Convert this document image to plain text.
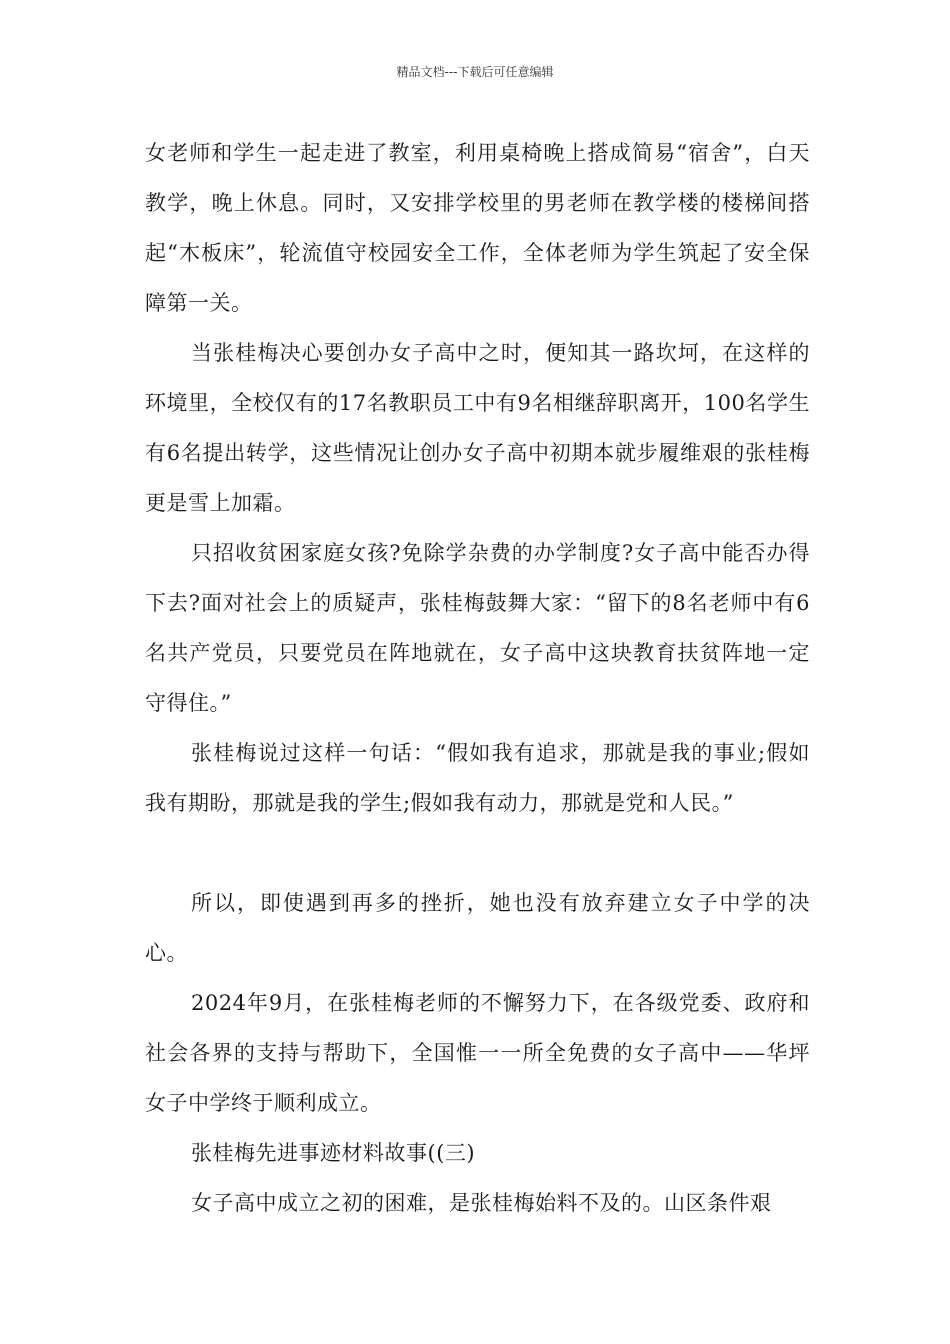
精品文档---下载后可任意编辑

女老师和学生一起走进了教室，利用桌椅晚上搭成简易“宿舍”，白天教学，晚上休息。同时，又安排学校里的男老师在教学楼的楼梯间搭起“木板床”，轮流值守校园安全工作，全体老师为学生筑起了安全保障第一关。

当张桂梅决心要创办女子高中之时，便知其一路坎坷，在这样的环境里，全校仅有的17名教职员工中有9名相继辞职离开，100名学生有6名提出转学，这些情况让创办女子高中初期本就步履维艰的张桂梅更是雪上加霜。

只招收贫困家庭女孩?免除学杂费的办学制度?女子高中能否办得下去?面对社会上的质疑声，张桂梅鼓舞大家：“留下的8名老师中有6名共产党员，只要党员在阵地就在，女子高中这块教育扶贫阵地一定守得住。”

张桂梅说过这样一句话：“假如我有追求，那就是我的事业;假如我有期盼，那就是我的学生;假如我有动力，那就是党和人民。”

所以，即使遇到再多的挫折，她也没有放弃建立女子中学的决心。

2024年9月，在张桂梅老师的不懈努力下，在各级党委、政府和社会各界的支持与帮助下，全国惟一一所全免费的女子高中——华坪女子中学终于顺利成立。

张桂梅先进事迹材料故事((三)

女子高中成立之初的困难，是张桂梅始料不及的。山区条件艰
